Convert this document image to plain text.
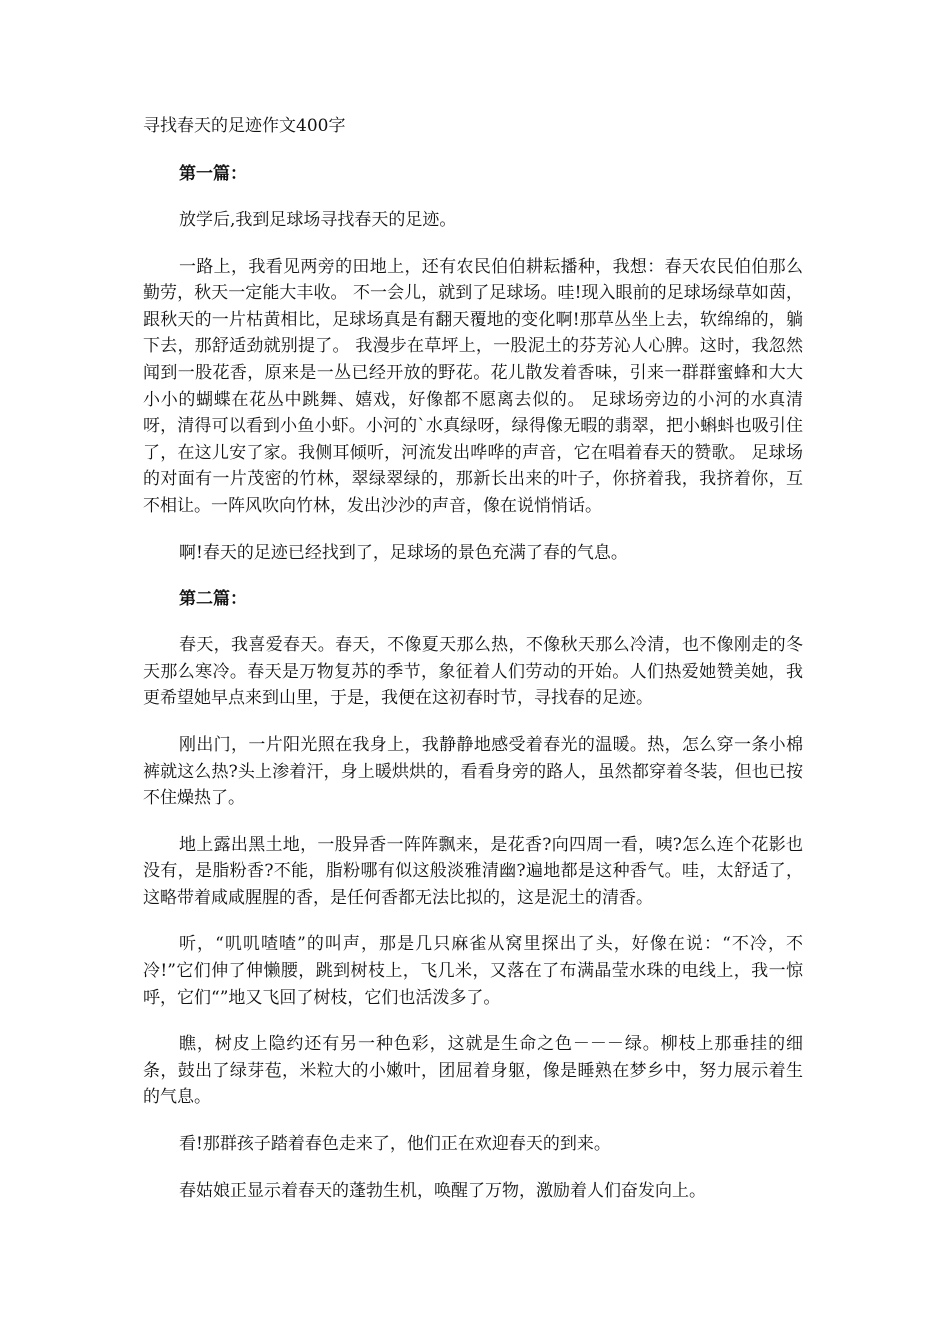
寻找春天的足迹作文400字
第一篇：

放学后,我到足球场寻找春天的足迹。

一路上，我看见两旁的田地上，还有农民伯伯耕耘播种，我想：春天农民伯伯那么勤劳，秋天一定能大丰收。 不一会儿，就到了足球场。哇!现入眼前的足球场绿草如茵，跟秋天的一片枯黄相比，足球场真是有翻天覆地的变化啊!那草丛坐上去，软绵绵的，躺下去，那舒适劲就别提了。 我漫步在草坪上，一股泥土的芬芳沁人心脾。这时，我忽然闻到一股花香，原来是一丛已经开放的野花。花儿散发着香味，引来一群群蜜蜂和大大小小的蝴蝶在花丛中跳舞、嬉戏，好像都不愿离去似的。 足球场旁边的小河的水真清呀，清得可以看到小鱼小虾。小河的`水真绿呀，绿得像无暇的翡翠，把小蝌蚪也吸引住了，在这儿安了家。我侧耳倾听，河流发出哗哗的声音，它在唱着春天的赞歌。 足球场的对面有一片茂密的竹林，翠绿翠绿的，那新长出来的叶子，你挤着我，我挤着你，互不相让。一阵风吹向竹林，发出沙沙的声音，像在说悄悄话。

啊!春天的足迹已经找到了，足球场的景色充满了春的气息。

第二篇：

春天，我喜爱春天。春天，不像夏天那么热，不像秋天那么冷清，也不像刚走的冬天那么寒冷。春天是万物复苏的季节，象征着人们劳动的开始。人们热爱她赞美她，我更希望她早点来到山里，于是，我便在这初春时节，寻找春的足迹。

刚出门，一片阳光照在我身上，我静静地感受着春光的温暖。热，怎么穿一条小棉裤就这么热?头上渗着汗，身上暖烘烘的，看看身旁的路人，虽然都穿着冬装，但也已按不住燥热了。

地上露出黑土地，一股异香一阵阵飘来，是花香?向四周一看，咦?怎么连个花影也没有，是脂粉香?不能，脂粉哪有似这般淡雅清幽?遍地都是这种香气。哇，太舒适了，这略带着咸咸腥腥的香，是任何香都无法比拟的，这是泥土的清香。

听，“叽叽喳喳”的叫声，那是几只麻雀从窝里探出了头，好像在说：“不冷，不冷!”它们伸了伸懒腰，跳到树枝上，飞几米，又落在了布满晶莹水珠的电线上，我一惊呼，它们“”地又飞回了树枝，它们也活泼多了。

瞧，树皮上隐约还有另一种色彩，这就是生命之色－－－绿。柳枝上那垂挂的细条，鼓出了绿芽苞，米粒大的小嫩叶，团屈着身躯，像是睡熟在梦乡中，努力展示着生的气息。

看!那群孩子踏着春色走来了，他们正在欢迎春天的到来。

春姑娘正显示着春天的蓬勃生机，唤醒了万物，激励着人们奋发向上。
